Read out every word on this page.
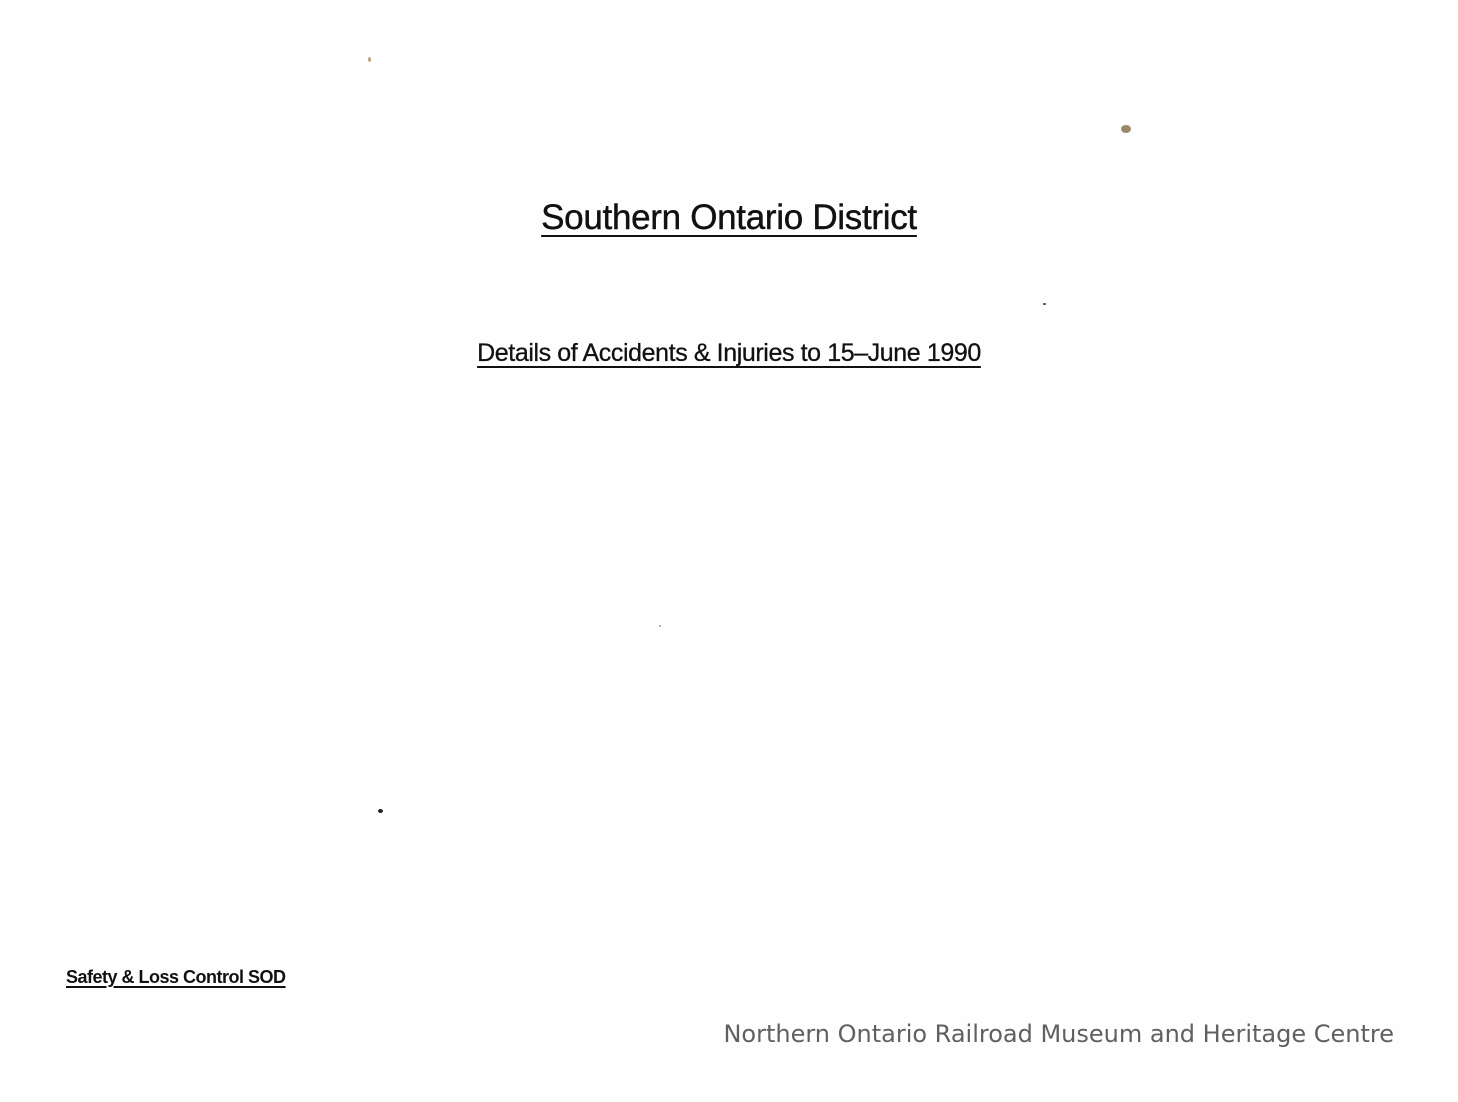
Southern Ontario District
Details of Accidents & Injuries to 15–June 1990
Safety & Loss Control SOD
Northern Ontario Railroad Museum and Heritage Centre
